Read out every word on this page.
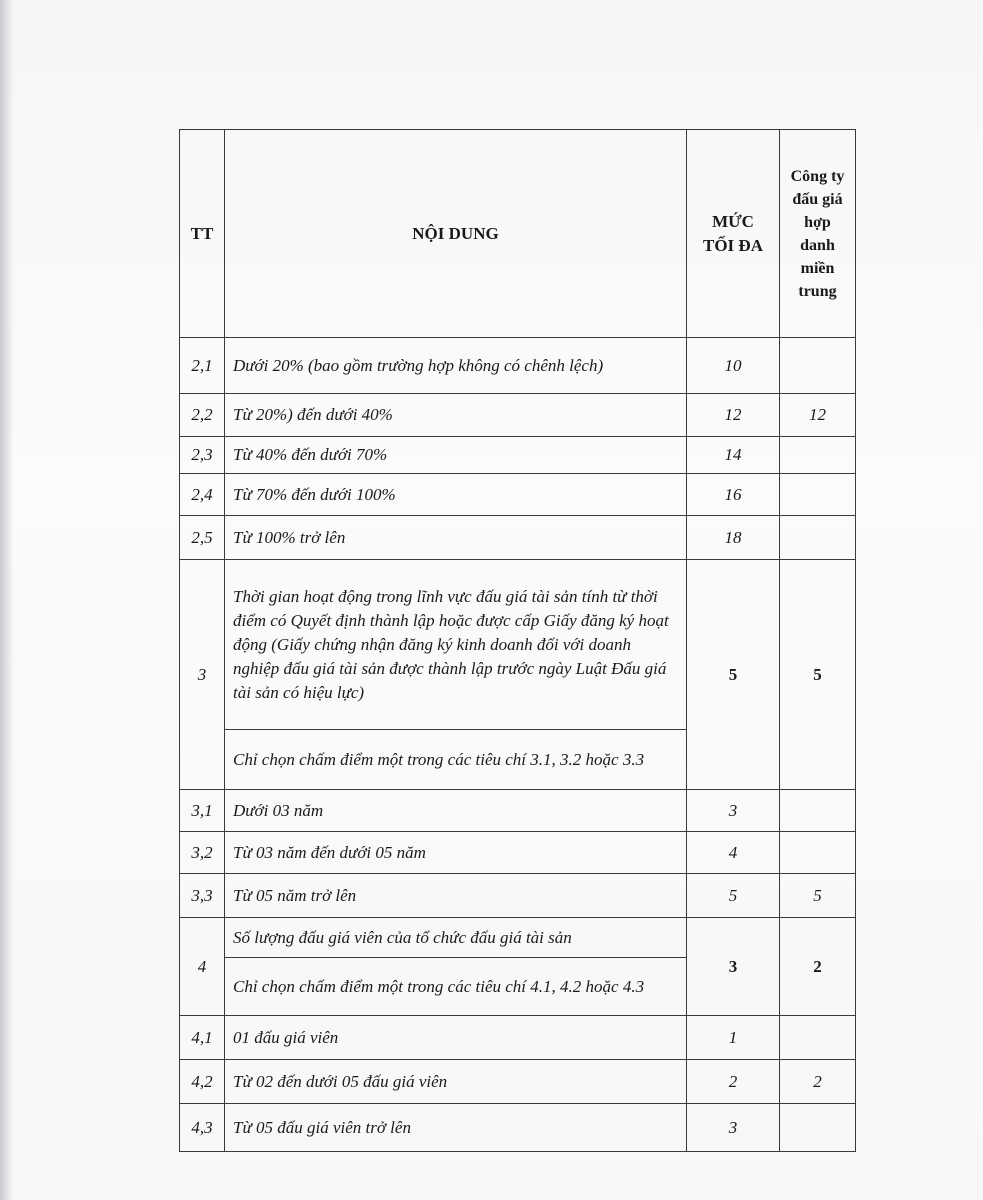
TT	NỘI DUNG	MỨC TỐI ĐA	Công ty đấu giá hợp danh miền trung
2,1	Dưới 20% (bao gồm trường hợp không có chênh lệch)	10	
2,2	Từ 20%) đến dưới 40%	12	12
2,3	Từ 40% đến dưới 70%	14	
2,4	Từ 70% đến dưới 100%	16	
2,5	Từ 100% trở lên	18	
3	Thời gian hoạt động trong lĩnh vực đấu giá tài sản tính từ thời điểm có Quyết định thành lập hoặc được cấp Giấy đăng ký hoạt động (Giấy chứng nhận đăng ký kinh doanh đối với doanh nghiệp đấu giá tài sản được thành lập trước ngày Luật Đấu giá tài sản có hiệu lực)	5	5
	Chỉ chọn chấm điểm một trong các tiêu chí 3.1, 3.2 hoặc 3.3		
3,1	Dưới 03 năm	3	
3,2	Từ 03 năm đến dưới 05 năm	4	
3,3	Từ 05 năm trở lên	5	5
4	Số lượng đấu giá viên của tổ chức đấu giá tài sản	3	2
	Chỉ chọn chấm điểm một trong các tiêu chí 4.1, 4.2 hoặc 4.3		
4,1	01 đấu giá viên	1	
4,2	Từ 02 đến dưới 05 đấu giá viên	2	2
4,3	Từ 05 đấu giá viên trở lên	3	
